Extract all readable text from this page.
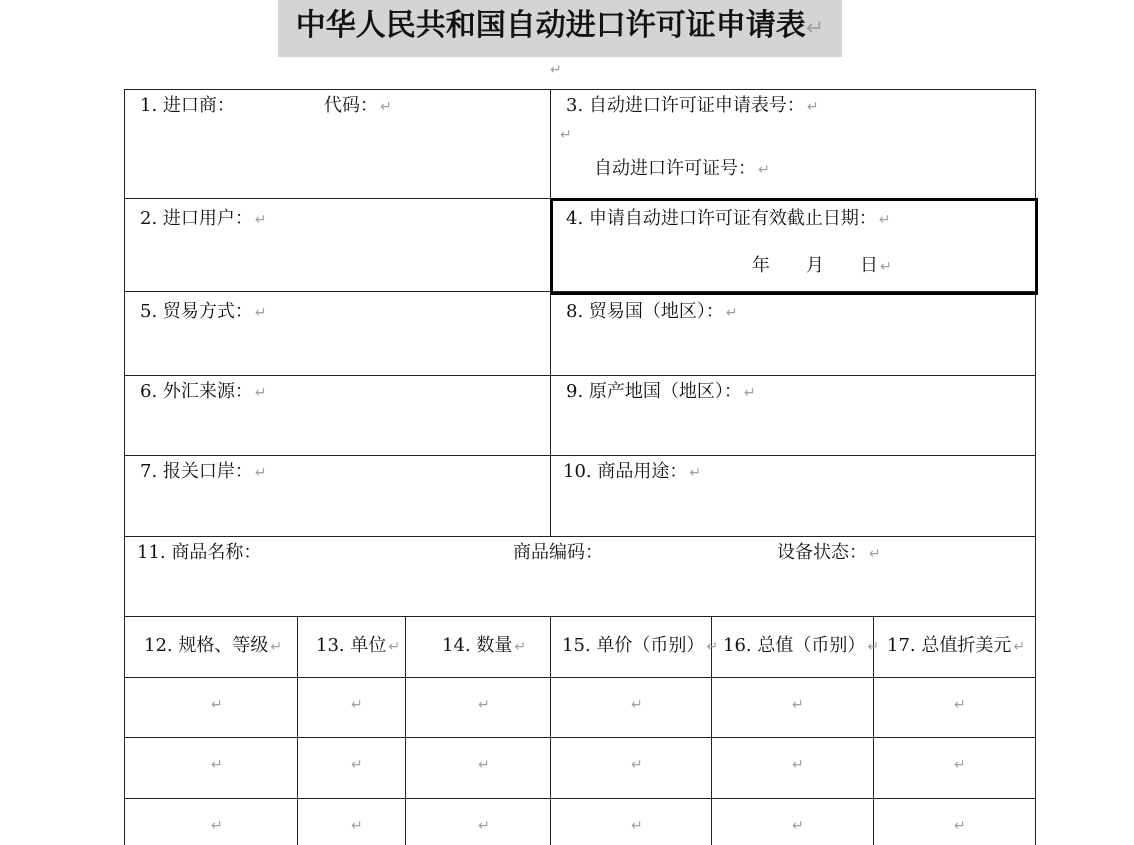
中华人民共和国自动进口许可证申请表↵
↵
1. 进口商：	代码： ↵	3. 自动进口许可证申请表号： ↵
↵
自动进口许可证号： ↵
2. 进口用户： ↵	4. 申请自动进口许可证有效截止日期： ↵
年　　月　　日 ↵
5. 贸易方式： ↵	8. 贸易国（地区）： ↵
6. 外汇来源： ↵	9. 原产地国（地区）： ↵
7. 报关口岸： ↵	10. 商品用途： ↵
11. 商品名称：	商品编码：	设备状态： ↵
12. 规格、等级 ↵ 13. 单位 ↵ 14. 数量 ↵ 15. 单价（币别） ↵ 16. 总值（币别） ↵ 17. 总值折美元 ↵
↵	↵	↵	↵	↵	↵
↵	↵	↵	↵	↵	↵
↵	↵	↵	↵	↵	↵
